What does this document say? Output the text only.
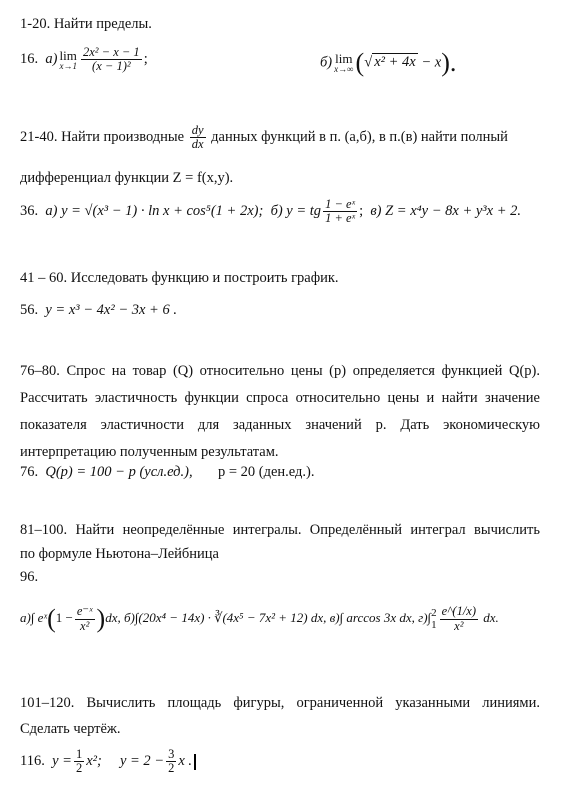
1-20. Найти пределы.
16. а) lim
$x\to 1 \frac{\text{2x² − x − 1}}{\text{(x − 1)²}}$ ;	б) lim
x→∞ (√ x² + 4x − x).
21-40. Найти производные $\frac{dy}{dx}$ данных функций в п. (а,б), в п.(в) найти полный
дифференциал функции Z = f(x,y).
36. а) y = √(x³ − 1) · ln x + cos⁵(1 + 2x); б) y = tg $\frac{\text{1 − eˣ}}{\text{1 + eˣ}}$ ; в) Z = x⁴y − 8x + y³x + 2.
41 – 60. Исследовать функцию и построить график.
56. y = x³ − 4x² − 3x + 6 .
76–80. Спрос на товар (Q) относительно цены (p) определяется функцией Q(p).
Рассчитать эластичность функции спроса относительно цены и найти значение
показателя эластичности для заданных значений p. Дать экономическую
интерпретацию полученным результатам.
76. Q(p) = 100 − p (усл.ед.), p = 20 (ден.ед.).
81–100. Найти неопределённые интегралы. Определённый интеграл вычислить
по формуле Ньютона–Лейбница
96.
а)∫ eˣ(1 − $\frac{\text{e⁻ˣ}}{\text{x²}} )dx$, б)∫(20x⁴ − 14x) · ∛(4x⁵ − 7x² + 12) dx, в)∫ arccos 3x dx, г)∫ 2
$1 \frac{e\^{}(1/x)}{\text{x²}}$ dx.
101–120. Вычислить площадь фигуры, ограниченной указанными линиями.
Сделать чертёж.
116. $y = \frac{1}{2} x^2$; $y = 2 - \frac{3}{2}$ x .
